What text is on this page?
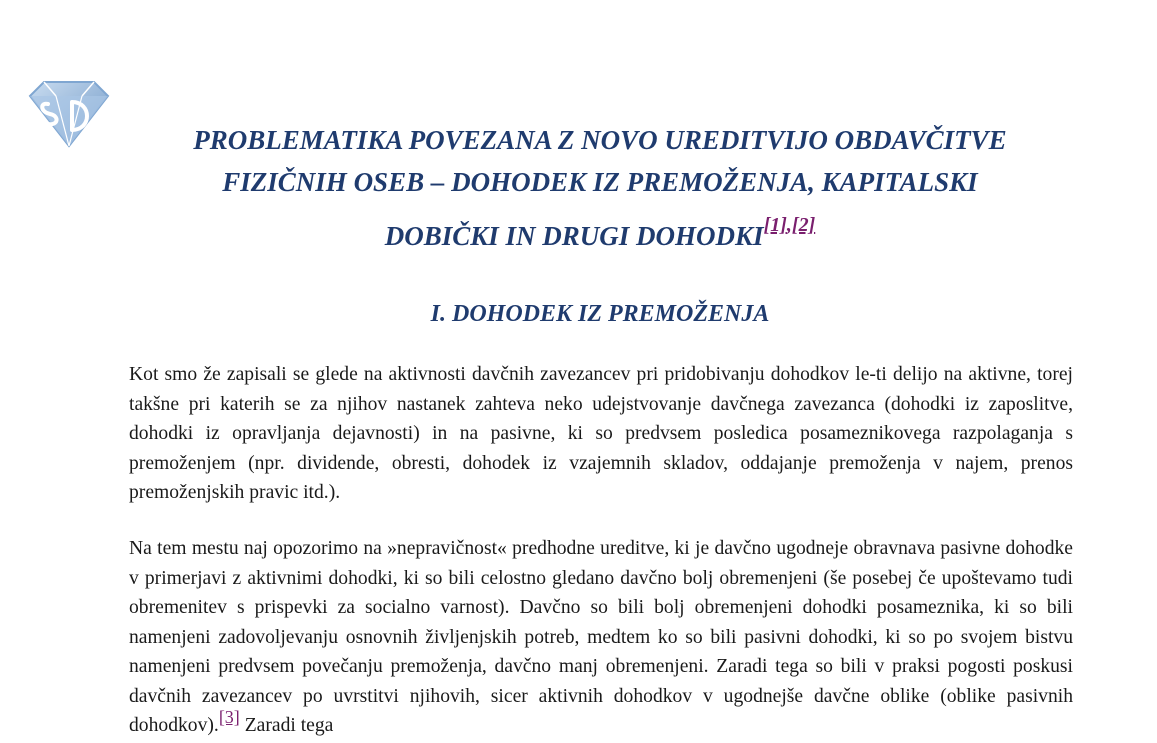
PROBLEMATIKA POVEZANA Z NOVO UREDITVIJO OBDAVČITVE
FIZIČNIH OSEB – DOHODEK IZ PREMOŽENJA, KAPITALSKI
DOBIČKI IN DRUGI DOHODKI[1],[2]
I. DOHODEK IZ PREMOŽENJA

Kot smo že zapisali se glede na aktivnosti davčnih zavezancev pri pridobivanju dohodkov le-ti delijo na aktivne, torej takšne pri katerih se za njihov nastanek zahteva neko udejstvovanje davčnega zavezanca (dohodki iz zaposlitve, dohodki iz opravljanja dejavnosti) in na pasivne, ki so predvsem posledica posameznikovega razpolaganja s premoženjem (npr. dividende, obresti, dohodek iz vzajemnih skladov, oddajanje premoženja v najem, prenos premoženjskih pravic itd.).

Na tem mestu naj opozorimo na »nepravičnost« predhodne ureditve, ki je davčno ugodneje obravnava pasivne dohodke v primerjavi z aktivnimi dohodki, ki so bili celostno gledano davčno bolj obremenjeni (še posebej če upoštevamo tudi obremenitev s prispevki za socialno varnost). Davčno so bili bolj obremenjeni dohodki posameznika, ki so bili namenjeni zadovoljevanju osnovnih življenjskih potreb, medtem ko so bili pasivni dohodki, ki so po svojem bistvu namenjeni predvsem povečanju premoženja, davčno manj obremenjeni. Zaradi tega so bili v praksi pogosti poskusi davčnih zavezancev po uvrstitvi njihovih, sicer aktivnih dohodkov v ugodnejše davčne oblike (oblike pasivnih dohodkov).[3] Zaradi tega
